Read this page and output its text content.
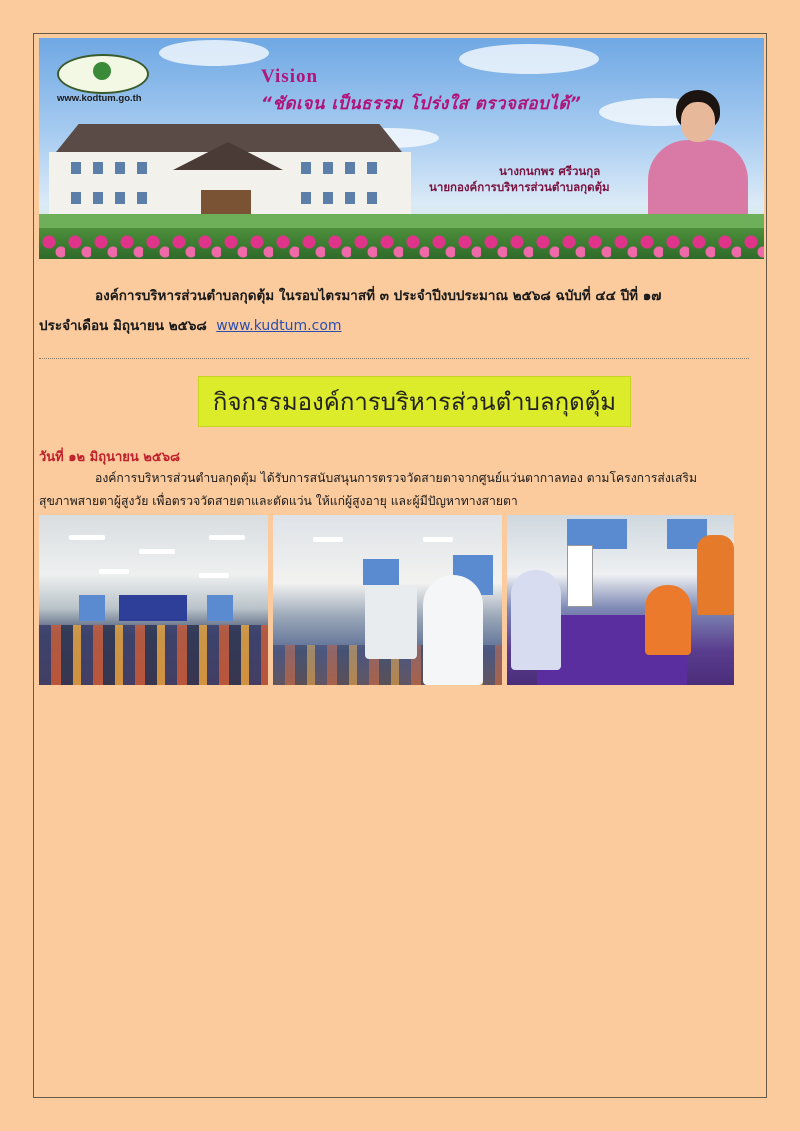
www.kodtum.go.th
Vision
“ชัดเจน เป็นธรรม โปร่งใส ตรวจสอบได้”
นางกนกพร ศรีวนกุล
นายกองค์การบริหารส่วนตำบลกุดตุ้ม
องค์การบริหารส่วนตำบลกุดตุ้ม ในรอบไตรมาสที่ ๓ ประจำปีงบประมาณ ๒๕๖๘ ฉบับที่ ๔๔ ปีที่ ๑๗
ประจำเดือน มิถุนายน ๒๕๖๘ www.kudtum.com
กิจกรรมองค์การบริหารส่วนตำบลกุดตุ้ม
วันที่ ๑๒ มิถุนายน ๒๕๖๘
องค์การบริหารส่วนตำบลกุดตุ้ม ได้รับการสนับสนุนการตรวจวัดสายตาจากศูนย์แว่นตากาลทอง ตามโครงการส่งเสริม
สุขภาพสายตาผู้สูงวัย เพื่อตรวจวัดสายตาและตัดแว่น ให้แก่ผู้สูงอายุ และผู้มีปัญหาทางสายตา
